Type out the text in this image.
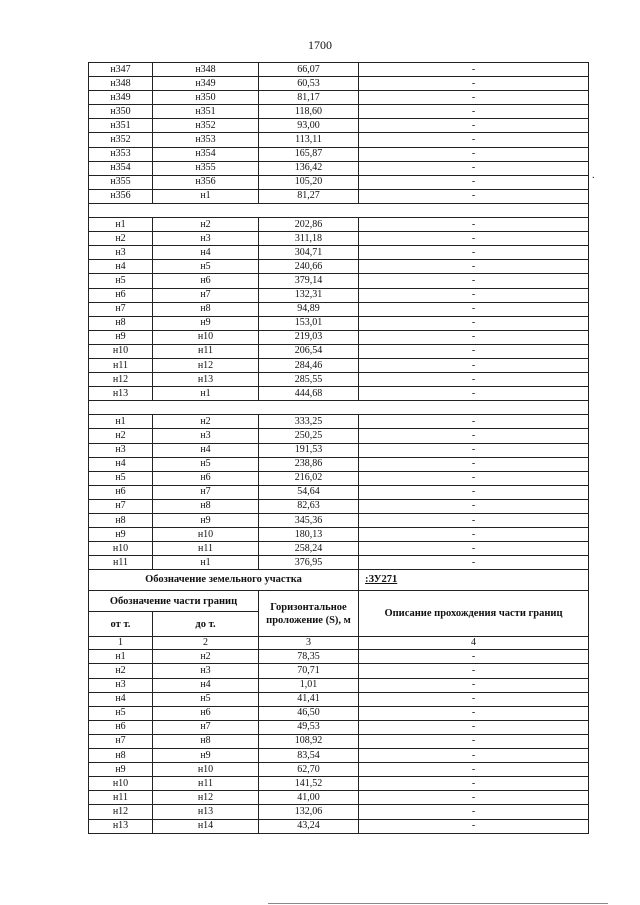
1700
.
н347	н348	66,07	-
н348	н349	60,53	-
н349	н350	81,17	-
н350	н351	118,60	-
н351	н352	93,00	-
н352	н353	113,11	-
н353	н354	165,87	-
н354	н355	136,42	-
н355	н356	105,20	-
н356	н1	81,27	-

н1	н2	202,86	-
н2	н3	311,18	-
н3	н4	304,71	-
н4	н5	240,66	-
н5	н6	379,14	-
н6	н7	132,31	-
н7	н8	94,89	-
н8	н9	153,01	-
н9	н10	219,03	-
н10	н11	206,54	-
н11	н12	284,46	-
н12	н13	285,55	-
н13	н1	444,68	-

н1	н2	333,25	-
н2	н3	250,25	-
н3	н4	191,53	-
н4	н5	238,86	-
н5	н6	216,02	-
н6	н7	54,64	-
н7	н8	82,63	-
н8	н9	345,36	-
н9	н10	180,13	-
н10	н11	258,24	-
н11	н1	376,95	-
Обозначение земельного участка			:ЗУ271
Обозначение части границ		Горизонтальное проложение (S), м	Описание прохождения части границ
от т.	до т.		
1	2	3	4
н1	н2	78,35	-
н2	н3	70,71	-
н3	н4	1,01	-
н4	н5	41,41	-
н5	н6	46,50	-
н6	н7	49,53	-
н7	н8	108,92	-
н8	н9	83,54	-
н9	н10	62,70	-
н10	н11	141,52	-
н11	н12	41,00	-
н12	н13	132,06	-
н13	н14	43,24	-
